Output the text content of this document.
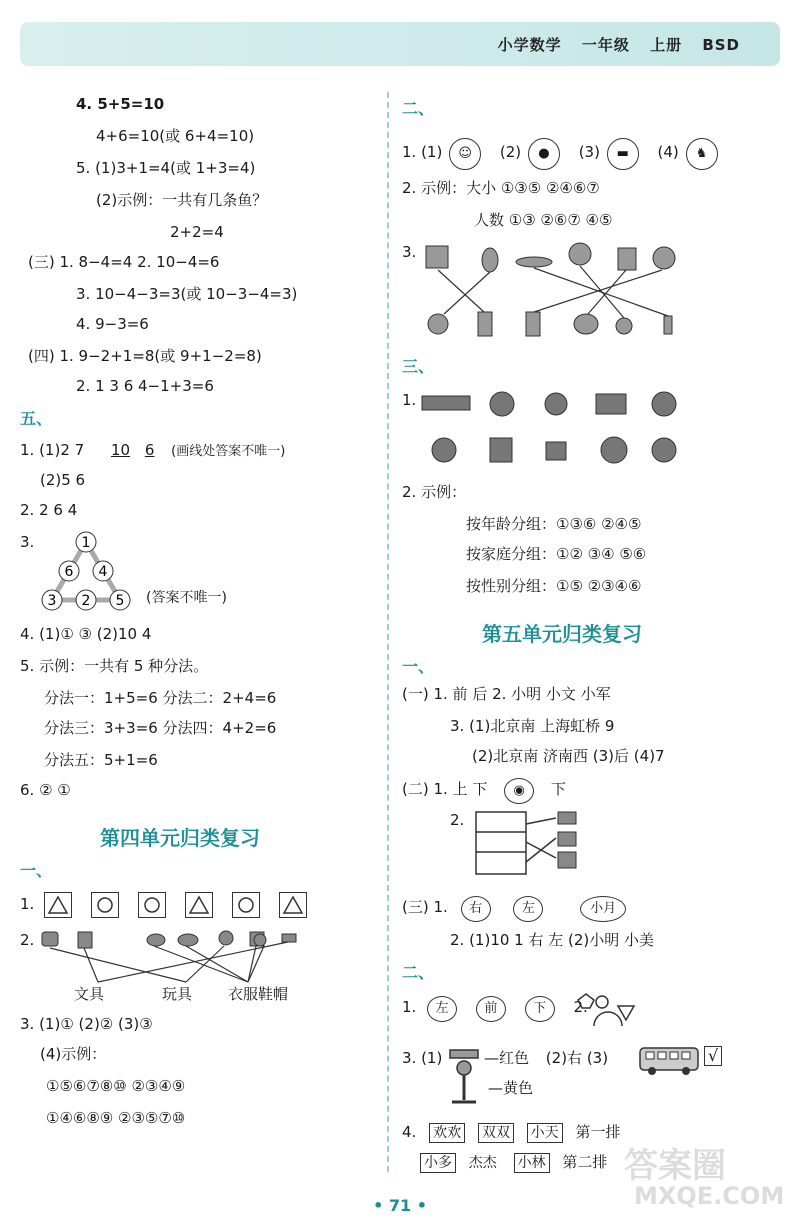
小学数学 一年级 上册 BSD
4. 5+5=10
4+6=10(或 6+4=10)
5. (1)3+1=4(或 1+3=4)
(2)示例：一共有几条鱼？
2+2=4
(三) 1. 8−4=4 2. 10−4=6
3. 10−4−3=3(或 10−3−4=3)
4. 9−3=6
(四) 1. 9−2+1=8(或 9+1−2=8)
2. 1 3 6 4−1+3=6
五、
1. (1)2 7 10 6 (画线处答案不唯一)
(2)5 6
2. 2 6 4
3.	1
6 4
3 2 5 (答案不唯一)
4. (1)① ③ (2)10 4
5. 示例：一共有 5 种分法。
分法一：1+5=6 分法二：2+4=6
分法三：3+3=6 分法四：4+2=6
分法五：5+1=6
6. ② ①
第四单元归类复习
一、
1.

2.
文具	玩具 衣服鞋帽
3. (1)① (2)② (3)③
(4)示例：
①⑤⑥⑦⑧⑩ ②③④⑨
①④⑥⑧⑨ ②③⑤⑦⑩
二、
1. (1) ☺ (2) ● (3) ▬ (4) ♞
2. 示例：大小 ①③⑤ ②④⑥⑦
人数 ①③ ②⑥⑦ ④⑤
3.
三、
1.
2. 示例：
按年龄分组：①③⑥ ②④⑤
按家庭分组：①② ③④ ⑤⑥
按性别分组：①⑤ ②③④⑥
第五单元归类复习
一、
(一) 1. 前 后 2. 小明 小文 小军
3. (1)北京南 上海虹桥 9
(2)北京南 济南西 (3)后 (4)7
(二) 1. 上 下 ◉ 下
2.
(三) 1. 右	左	小月
2. (1)10 1 右 左 (2)小明 小美
二、
1. 左	前	下 2.
3. (1)	—红色 (2)右 (3)	√
—黄色
4. 欢欢 双双 小天 第一排
小多 杰杰 小林 第二排 答案圈
MXQE.COM
• 71 •
